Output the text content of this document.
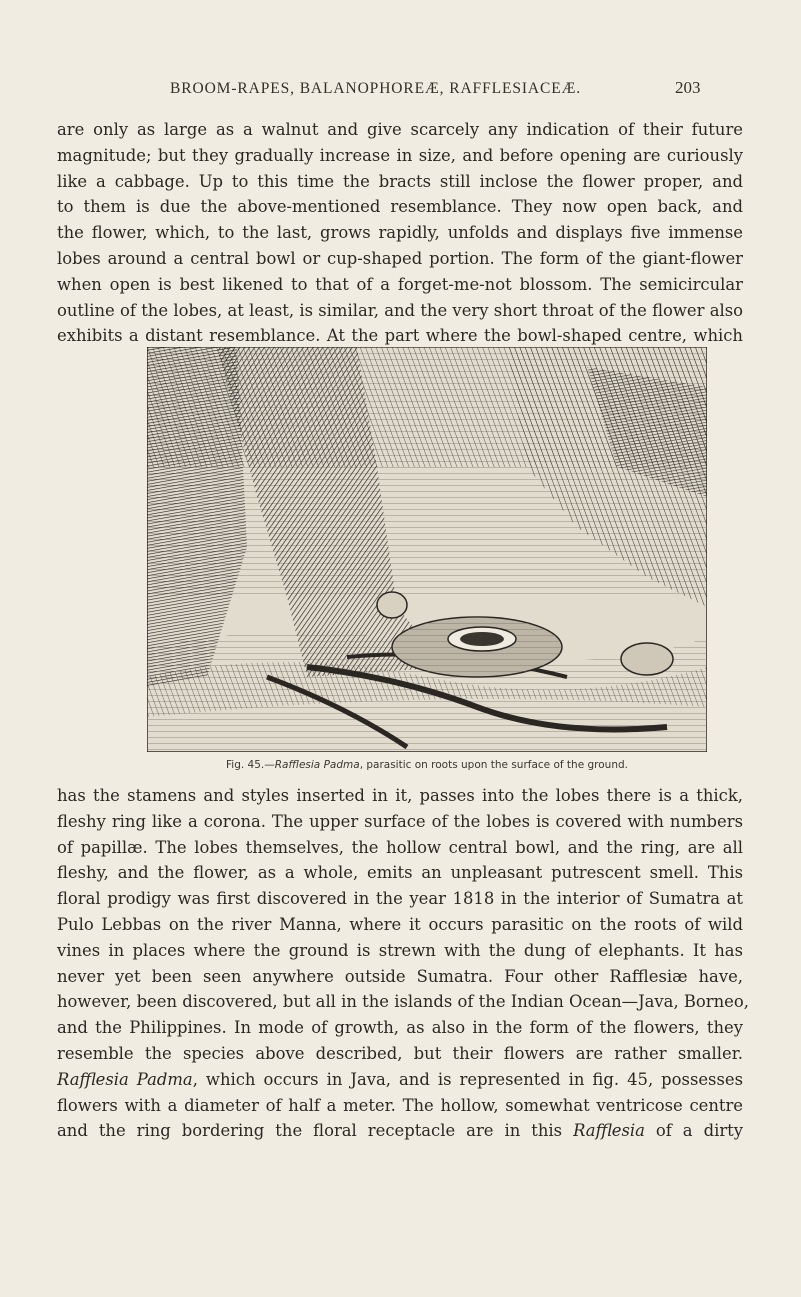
BROOM-RAPES, BALANOPHOREÆ, RAFFLESIACEÆ.	203

are only as large as a walnut and give scarcely any indication of their future
magnitude; but they gradually increase in size, and before opening are curiously
like a cabbage. Up to this time the bracts still inclose the flower proper, and
to them is due the above-mentioned resemblance. They now open back, and
the flower, which, to the last, grows rapidly, unfolds and displays five immense
lobes around a central bowl or cup-shaped portion. The form of the giant-flower
when open is best likened to that of a forget-me-not blossom. The semicircular
outline of the lobes, at least, is similar, and the very short throat of the flower also
exhibits a distant resemblance. At the part where the bowl-shaped centre, which

Fig. 45.—Rafflesia Padma, parasitic on roots upon the surface of the ground.

has the stamens and styles inserted in it, passes into the lobes there is a thick,
fleshy ring like a corona. The upper surface of the lobes is covered with numbers
of papillæ. The lobes themselves, the hollow central bowl, and the ring, are all
fleshy, and the flower, as a whole, emits an unpleasant putrescent smell. This
floral prodigy was first discovered in the year 1818 in the interior of Sumatra at
Pulo Lebbas on the river Manna, where it occurs parasitic on the roots of wild
vines in places where the ground is strewn with the dung of elephants. It has
never yet been seen anywhere outside Sumatra. Four other Rafflesiæ have,
however, been discovered, but all in the islands of the Indian Ocean—Java, Borneo,
and the Philippines. In mode of growth, as also in the form of the flowers, they
resemble the species above described, but their flowers are rather smaller.
Rafflesia Padma, which occurs in Java, and is represented in fig. 45, possesses
flowers with a diameter of half a meter. The hollow, somewhat ventricose centre
and the ring bordering the floral receptacle are in this Rafflesia of a dirty
